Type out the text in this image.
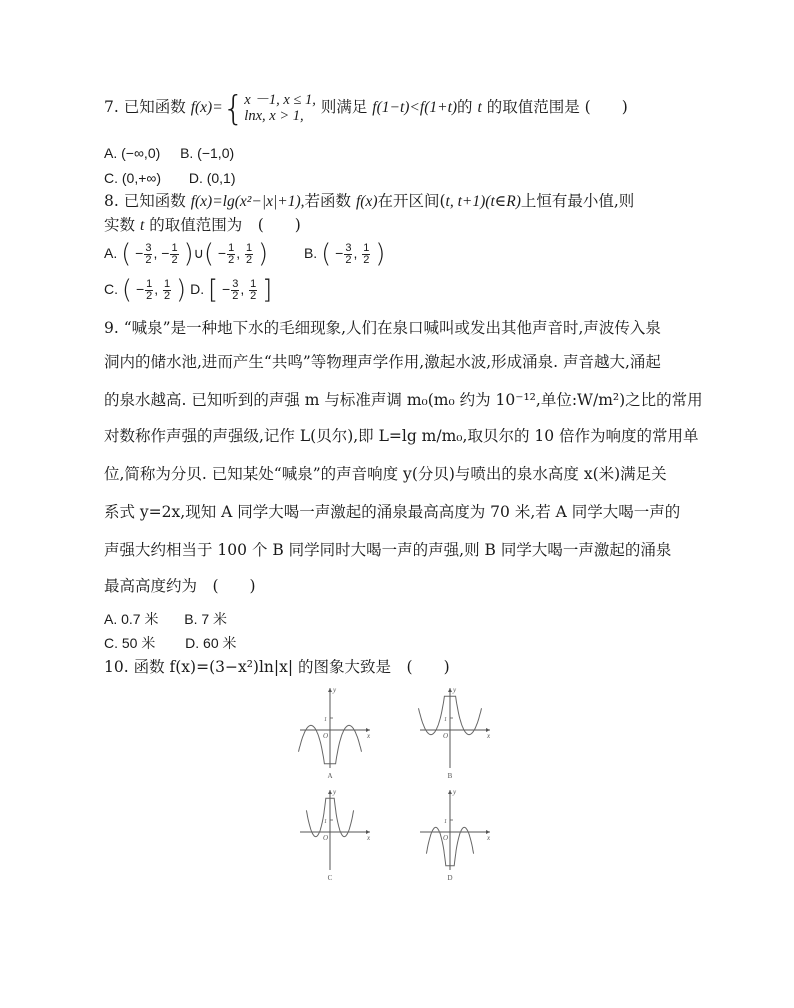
7. 已知函数 f(x)={ x －1, x ≤ 1,
lnx, x > 1,	则满足 f(1−t)<f(1+t)的 t 的取值范围是 (　　)
A. (−∞,0) B. (−1,0)
C. (0,+∞) D. (0,1)
8. 已知函数 f(x)=lg(x²−|x|+1),若函数 f(x)在开区间(t, t+1)(t∈R)上恒有最小值,则
实数 t 的取值范围为　(　　)
A. ( − $\frac{3}{2}$ , − $\frac{1}{2}$ )∪( − $\frac{1}{2}$ , $\frac{1}{2}$ )	B. ( − $\frac{3}{2}$ , $\frac{1}{2}$ )
C. ( − $\frac{1}{2}$ , $\frac{1}{2}$ ) D. [ − $\frac{3}{2}$ , $\frac{1}{2}$ ]
9. “喊泉”是一种地下水的毛细现象,人们在泉口喊叫或发出其他声音时,声波传入泉
洞内的储水池,进而产生“共鸣”等物理声学作用,激起水波,形成涌泉. 声音越大,涌起
的泉水越高. 已知听到的声强 m 与标准声调 m₀(m₀ 约为 10⁻¹²,单位:W/m²)之比的常用
对数称作声强的声强级,记作 L(贝尔),即 L=lg m/m₀,取贝尔的 10 倍作为响度的常用单
位,简称为分贝. 已知某处“喊泉”的声音响度 y(分贝)与喷出的泉水高度 x(米)满足关
系式 y=2x,现知 A 同学大喝一声激起的涌泉最高高度为 70 米,若 A 同学大喝一声的
声强大约相当于 100 个 B 同学同时大喝一声的声强,则 B 同学大喝一声激起的涌泉
最高高度约为　(　　)
A. 0.7 米 B. 7 米
C. 50 米 D. 60 米
10. 函数 f(x)=(3−x²)ln|x| 的图象大致是　(　　)
y
x
O
1
A
y
x
O
1
B
y
x
O
1
C
y
x
O
1
D
